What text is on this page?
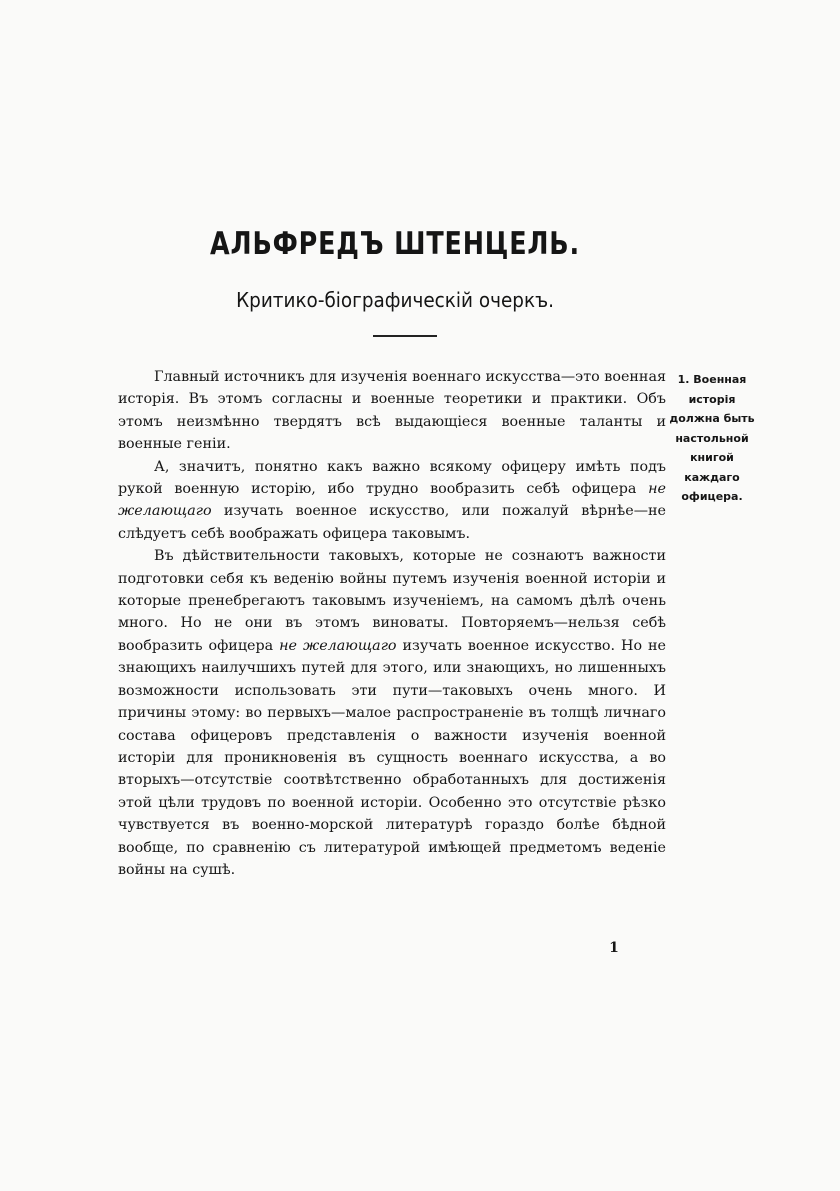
АЛЬФРЕДЪ ШТЕНЦЕЛЬ.
Критико-біографическій очеркъ.

Главный источникъ для изученія военнаго искусства—это военная исторія. Въ этомъ согласны и военные теоретики и практики. Объ этомъ неизмѣнно твердятъ всѣ выдающіеся военные таланты и военные геніи.

А, значитъ, понятно какъ важно всякому офицеру имѣть подъ рукой военную исторію, ибо трудно вообразить себѣ офицера не желающаго изучать военное искусство, или пожалуй вѣрнѣе—не слѣдуетъ себѣ воображать офицера таковымъ.

Въ дѣйствительности таковыхъ, которые не сознаютъ важности подготовки себя къ веденію войны путемъ изученія военной исторіи и которые пренебрегаютъ таковымъ изученіемъ, на самомъ дѣлѣ очень много. Но не они въ этомъ виноваты. Повторяемъ—нельзя себѣ вообразить офицера не желающаго изучать военное искусство. Но не знающихъ наилучшихъ путей для этого, или знающихъ, но лишенныхъ возможности использовать эти пути—таковыхъ очень много. И причины этому: во первыхъ—малое распространеніе въ толщѣ личнаго состава офицеровъ представленія о важности изученія военной исторіи для проникновенія въ сущность военнаго искусства, а во вторыхъ—отсутствіе соотвѣтственно обработанныхъ для достиженія этой цѣли трудовъ по военной исторіи. Особенно это отсутствіе рѣзко чувствуется въ военно-морской литературѣ гораздо болѣе бѣдной вообще, по сравненію съ литературой имѣющей предметомъ веденіе войны на сушѣ.

1. Военная исторія должна быть настольной книгой каждаго офицера.
1
